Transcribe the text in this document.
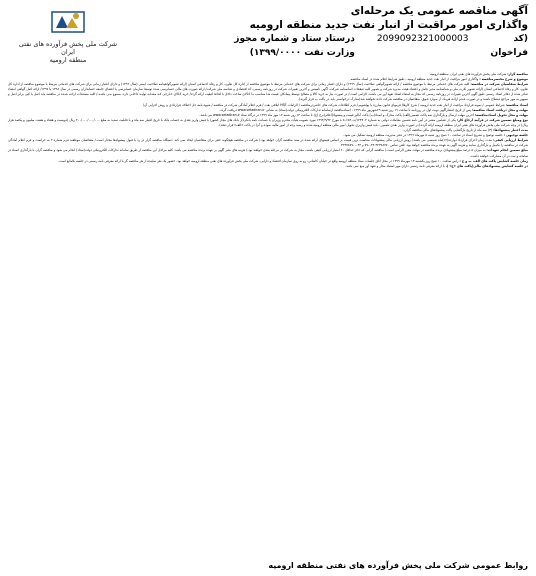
آگهی مناقصه عمومی یک مرحله‌ای
واگذاری امور مراقبت از انبار نفت جدید منطقه ارومیه
(کد فراخوان
2099092321000003
درستاد ستاد و شماره مجوز وزارت نفت ۱۳۹۹/۰۰۰۰)
شرکت ملی پخش فرآورده های نفتی ایران
منطقه ارومیه

مناقصه گزار: شرکت ملی پخش فرآورده های نفتی ایران -منطقه ارومیه

موضوع و شرح مختصرمناقصه : واگذاری امور مراقبت از انبار نفت جدید منطقه ارومیه ، طبق شرایط اعلام شده در اسناد مناقصه.

شرایط متقاضیان شرکت در مناقصه: کلیه شرکت های خدماتی مرتبط با موضوع مناقصه / ارائه تصویرگواهی صلاحیت (سال ۱۳۹۹) و دارای اعتبار زمانی برای شرکت های خدماتی مرتبط با موضوع مناقصه از اداره کل تعاون، کار و رفاه اجتماعی استان /ارائه تصویرگواهینامه صلاحیت ایمنی (سال ۱۳۹۹) و دارای اعتبار زمانی برای شرکت های خدماتی مرتبط با موضوع مناقصه از اداره کل تعاون، کار و رفاه اجتماعی استان /ارائه تصویر کارت ملی و شناسنامه مدیر عامل و اعضاء هیئت مدیره شرکت و تصویر کلیه صفحات اساسنامه شرکت، آگهی تاسیس و آخرین تغییرات شرکت در روزنامه رسمی، کد اقتصادی و شناسه ملی شرکت/ ارائه صورت های مالی حسابرسی شده توسط سازمان حسابرسی یا اعضای جامعه حسابداران رسمی در سال ۱۳۹۸ یا ۱۳۹۷/ ارائه اصل گواهی امضاء صادر شده از دفاتر اسناد رسمی طبق آگهی آخرین تغییرات در روزنامه رسمی که مجاز به امضاء اسناد تعهد آور می باشند، الزامی است./ در صورت نیاز به خرید کالا و مصالح توسط پیمانکار، قیمت هـا متناسب بـا کـالای ساخت داخل با لحاظ کیفیت ارائه گردد/ خرید کـالای خـارجی کـه مشـابه تولیـد داخلـی دارد، ممنوع مـی باشـد./ کلیه مستندات ارائـه شـده در مناقصه باید اصل یا کپی برابر اصل و ممهور به مهر مراجع ذیصلاح باشند و در صورت عـدم ارائـه هریـک از مـوارد فـوق، متقاضیان در مناقصه شرکت داده نخواهند شد(مدارک درخواستی باید در پاکت ب قرار گیرند).

اسناد مناقصه: شرایط عمومی / نمونه قرارداد مراقبت از انبار نفت جدید ارومیه / شرح کارها/ فرمهای قانون مبارزه با پولشویی/ فرم اطلاعات شرکت های حاضردرمناقصه / الزامات HSE ابلاغی نفت / فرم اعلام آمادگی شرکت در مناقصه / شیوه نامه حل اختلاف قراردادی و روش اجرایی آن/

مهلت و محل دریافت اسناد مناقصه: پس از تاریخ انتشارآگهی نوبت اول در روزنامه تا ساعت ۱۹ روز شنبه ۲۹شهریور ماه ۱۳۹۹ ، اسنادمناقصه ازسامانه تدارکات الکترونیکی دولت(ستاد) به نشانی www.setadiran.ir دریافت گردد.

مهلت و محل تحویل اسنادمناقصه: آخرین مهلت ارسال و بارگذاری سه پاکت تضمین(الف) پاکت مدارک و اسناد(ب) پاکت آنالیز قیمت و پیشنهاد(اعلام)نرخ (ج) تا ساعت ۱۴ روز شنبه ۱۲ مهر ماه ۱۳۹۹ در درگاه ستاد www.setadiran.ir می باشد.

نوع ومبلغ تضمین شرکت در فرآیند ارجاع کار: یکی از تضامین معتبر در آیین نامه تضمین معاملات دولتی به شماره ۱۲۳۴۰۲/ت ۵۰۶۵۹ ه مورخ ۱۳۹۴/۹/۲۲ مورد تصویب هیأت محترم وزیران یا ضمانت نامه بانکی(از بانک های مجاز کشور) یا فیش واریز نقدی به حساب بانک با تاریخ اعتبار سه ماه و با قابلیت تمدید به مبلغ ۴۰۰/۰۰۰/۰۰۰/۰۰۰ ریال (دویست و هفتاد و هشت میلیون و یکصد هزار ریال) در وجه شرکت ملی پخش فرآورده های نفتی ایران منطقه ارومیه ارائه گردد.(در صورت واریز نقدی تضمین ، باید فیش واریزی تحویل امور مالی منطقه ارومیه شده و رسید وجه از امور مالیه نموده و آنرا در پاکت «الف» قرار دهند).

مدت اعتبار پیشنهادها: (۳) سه ماه از تاریخ بازگشایی پاکت پیشنهادهای مالی مناقصه گران.

جلسه توجیهی : جلسه توضیح و تشریح اسناد در ساعت ۱۰ صبح روز شنبه ۵ مهرماه ۱۳۹۹ در دفتر مدیریت منطقه ارومیه تشکیل می شود.

شرایط ارزیابی کیفی: مدت زمان اجرای قرارداد دوازده(۱۲)ماه شمسی می باشد./ روش ارزیابی مالی پیشنهادات متناسب ترین قیمت بر اساس قیمتهای ارائه شده در سند مناقصه گران خواهد بود./ شرکت در مناقصه هیچگونه حقی برای متقاضیان ایجاد نمی کند. دستگاه مناقصه گزار در رد یا قبول پیشنهادها مختار است./ متقاضیان موظفند فرم شماره ۲ به حراست و فرم اعلام آمادگی شرکت در مناقصه را تکمیل و بارگذاری نمایند و هزینه آگهی به عهده برنده مناقصه خواهد بود. تلفن تماس ۳۲۳۷۸۷۷۰-۰۴۴-۷۷ و ۰۴۴-۳۲۳۷۸۷۷۰

مبلغ تضمین انجام تعهدات: به میزان ۵ درصد مبلغ پیشنهادی برنده مناقصه در مهلت مقرر الزامی است./ مناقصه گرانی که حائز حداقل ۶۰ امتیاز ارزیابی کیفی باشند، مجاز به شرکت در مرحله بعدی خواهند بود./ هزینه های نشر آگهی بر عهده برنده مناقصه می باشد. کلیه مراحل این مناقصه از طریق سامانه تدارکات الکترونیکی دولت(ستاد) انجام می شود و مناقصه گران با بارگذاری اسناد در سامانه و ثبت در آن مشارکت خواهند داشت.

زمان جلسه گشایش پاکت های الف، ب و ج : راس ساعت ۱۰ صبح روز یکشنبه ۱۳ مهرماه ۱۳۹۹ در محل اتاق جلسات ستاد منطقه ارومیه واقع در خیابان کاشانی، رو به روی سازمان اقتصاد و دارایی، شرکت ملی پخش فرآورده های نفتی منطقه ارومیه خواهد بود. حضور یک نفر نماینده از هر مناقصه گر با ارائه معرفی نامه رسمی در جلسه بلامانع است.

در جلسه گشایش پیشنهادهای مالی(پاکت های «ج» )، با ارائه معرفی نامه رسمی دارای مهر امضاء مجاز و تعهد آور منع نمی باشد.

روابط عمومی شرکت ملی پخش فرآورده های نفتی منطقه ارومیه
